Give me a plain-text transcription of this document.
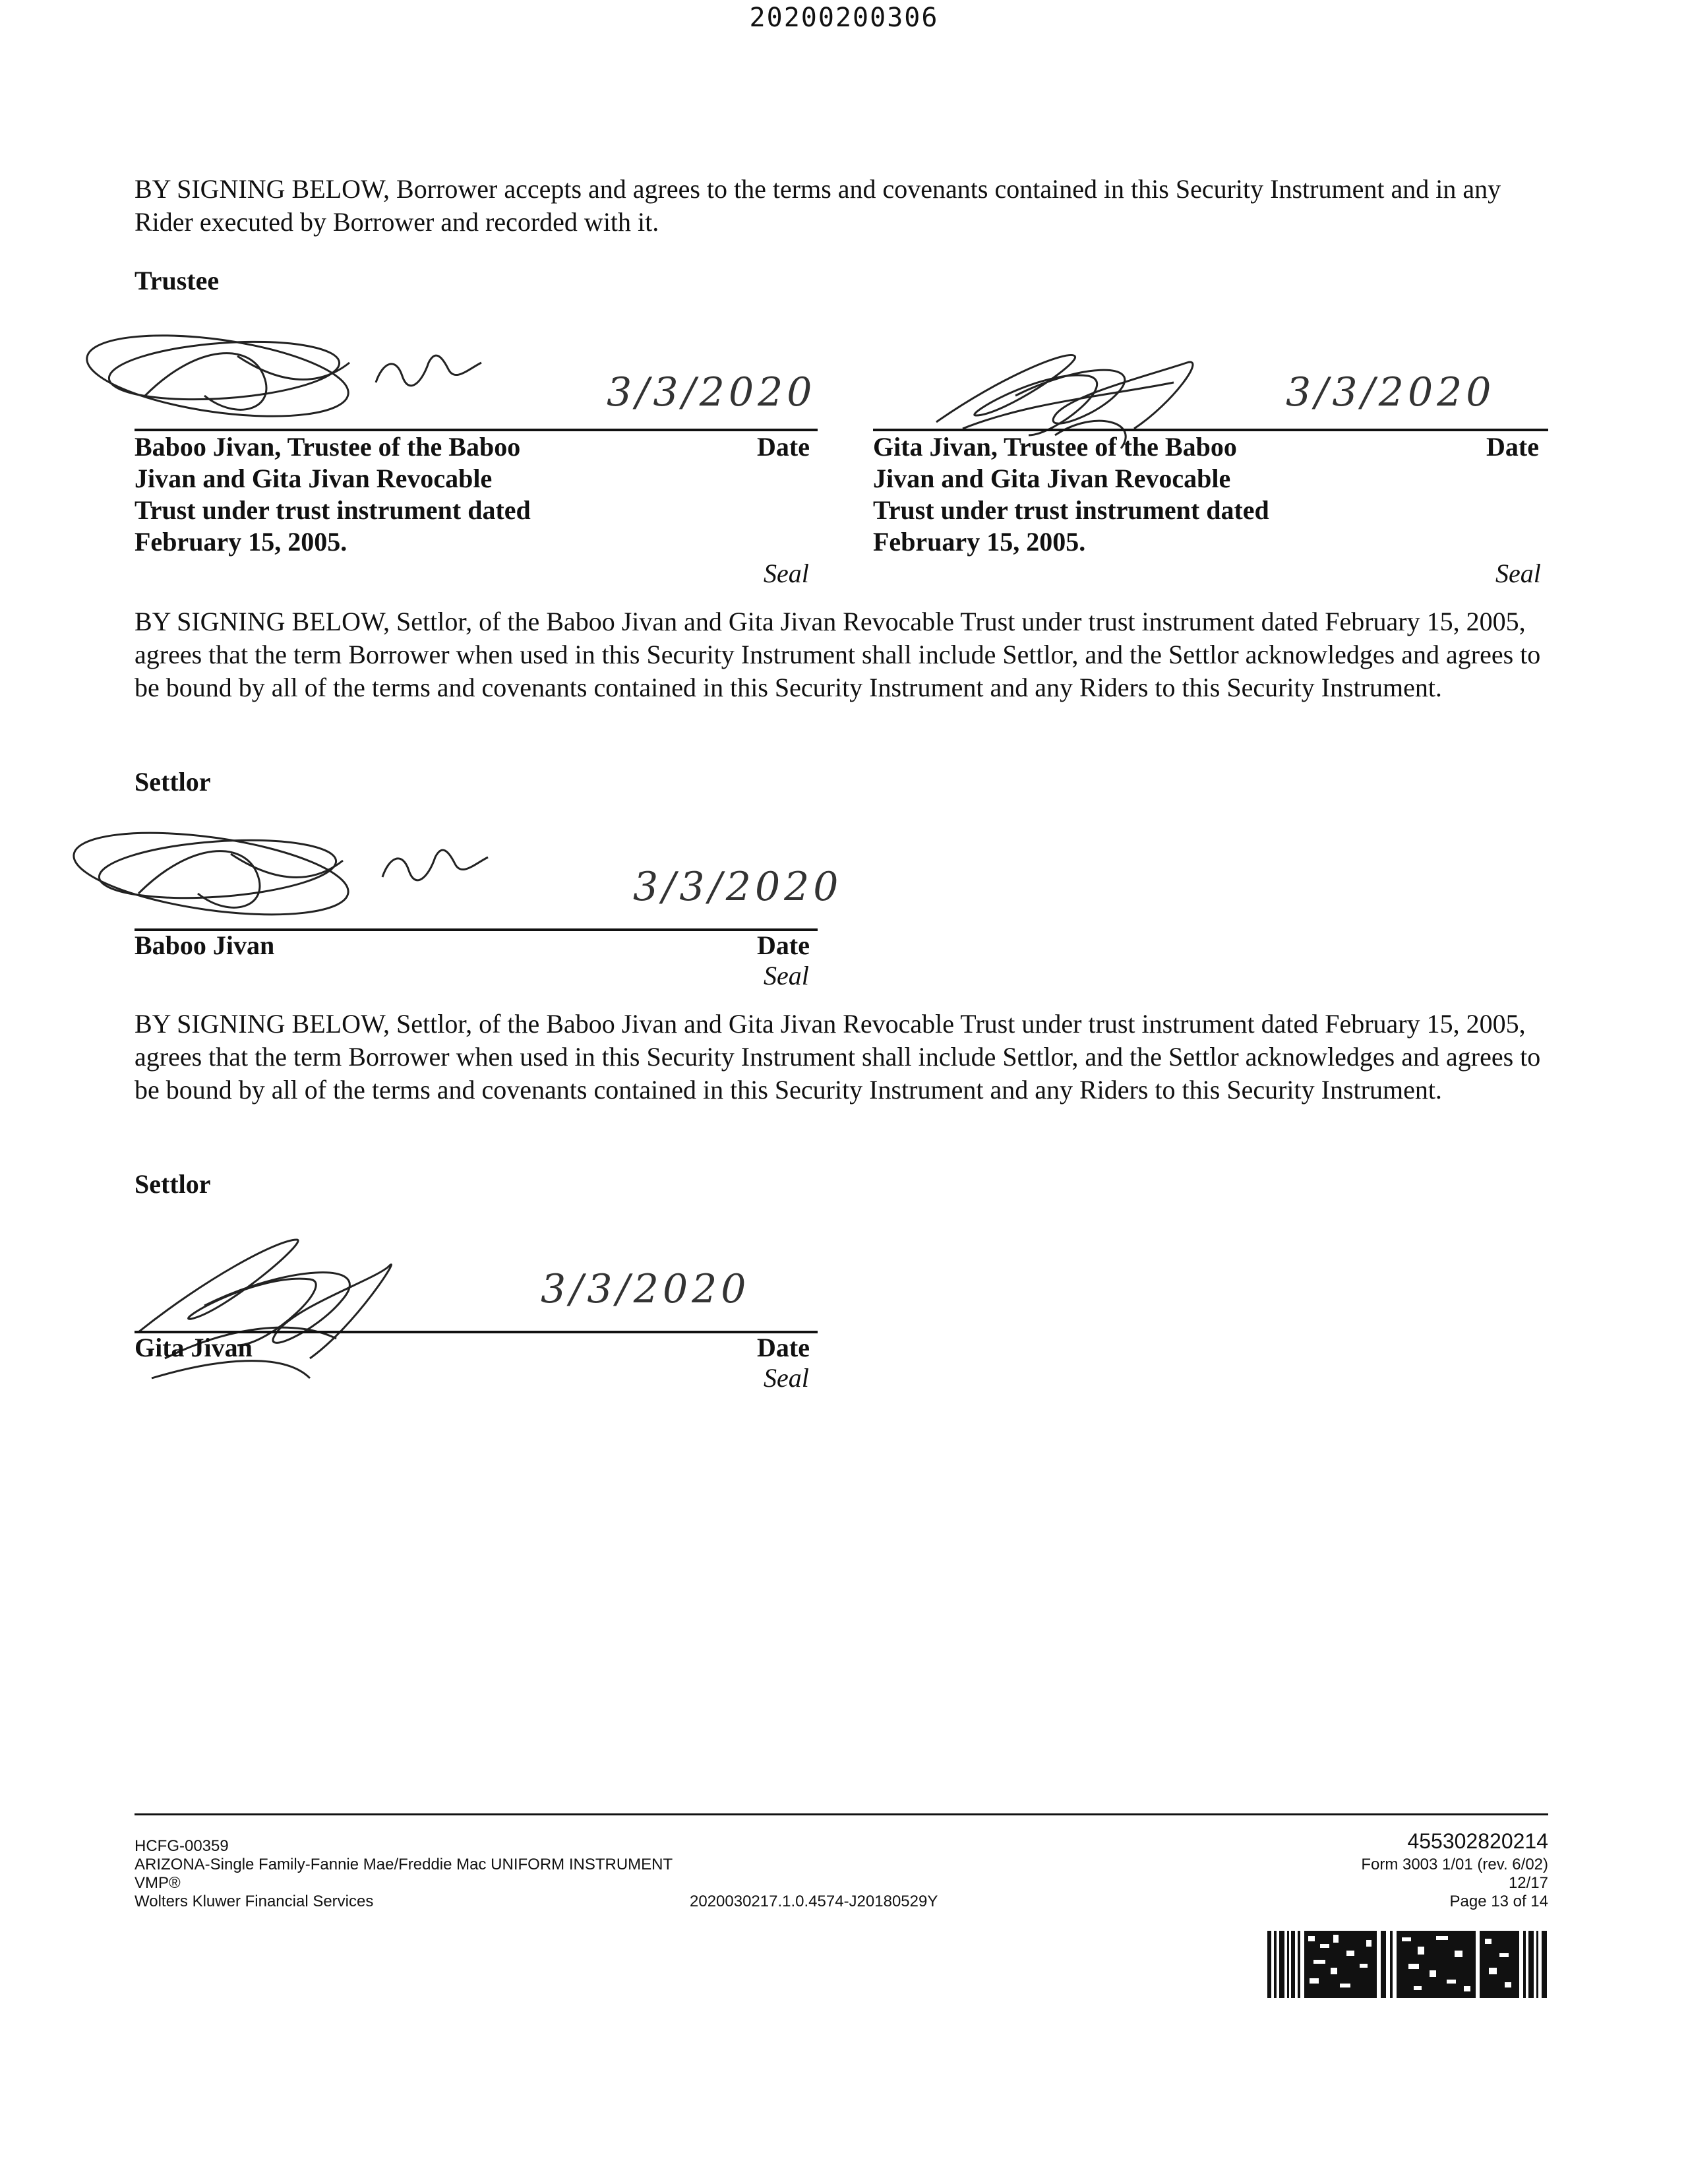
20200200306
BY SIGNING BELOW, Borrower accepts and agrees to the terms and covenants contained in this Security Instrument and in any Rider executed by Borrower and recorded with it.
Trustee
3/3/2020
Baboo Jivan, Trustee of the Baboo
Jivan and Gita Jivan Revocable
Trust under trust instrument dated
February 15, 2005.
Date
Seal
3/3/2020
Gita Jivan, Trustee of the Baboo
Jivan and Gita Jivan Revocable
Trust under trust instrument dated
February 15, 2005.
Date
Seal
BY SIGNING BELOW, Settlor, of the Baboo Jivan and Gita Jivan Revocable Trust under trust instrument dated February 15, 2005, agrees that the term Borrower when used in this Security Instrument shall include Settlor, and the Settlor acknowledges and agrees to be bound by all of the terms and covenants contained in this Security Instrument and any Riders to this Security Instrument.
Settlor
3/3/2020
Baboo Jivan	Date
Seal
BY SIGNING BELOW, Settlor, of the Baboo Jivan and Gita Jivan Revocable Trust under trust instrument dated February 15, 2005, agrees that the term Borrower when used in this Security Instrument shall include Settlor, and the Settlor acknowledges and agrees to be bound by all of the terms and covenants contained in this Security Instrument and any Riders to this Security Instrument.
Settlor
3/3/2020
Gita Jivan	Date
Seal
HCFG-00359
ARIZONA-Single Family-Fannie Mae/Freddie Mac UNIFORM INSTRUMENT
VMP®
Wolters Kluwer Financial Services	2020030217.1.0.4574-J20180529Y
455302820214
Form 3003 1/01 (rev. 6/02)
12/17
Page 13 of 14
